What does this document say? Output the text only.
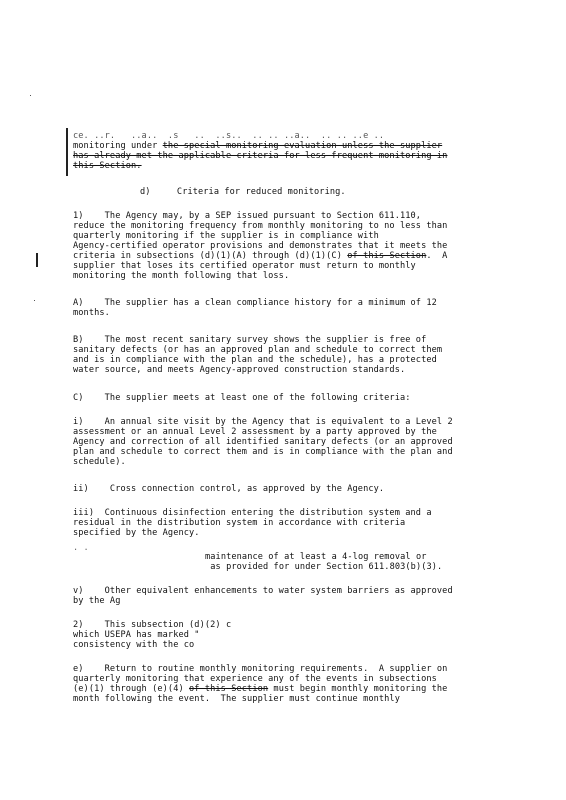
ce. ..r.   ..a..  .s   ..  ..s..  .. .. ..a..  .. .. ..e ..
monitoring under the special monitoring evaluation unless the supplier
has already met the applicable criteria for less frequent monitoring in
this Section.
d)     Criteria for reduced monitoring.
1)    The Agency may, by a SEP issued pursuant to Section 611.110,
reduce the monitoring frequency from monthly monitoring to no less than
quarterly monitoring if the supplier is in compliance with
Agency-certified operator provisions and demonstrates that it meets the
criteria in subsections (d)(1)(A) through (d)(1)(C) of this Section.  A
supplier that loses its certified operator must return to monthly
monitoring the month following that loss.
A)    The supplier has a clean compliance history for a minimum of 12
months.
B)    The most recent sanitary survey shows the supplier is free of
sanitary defects (or has an approved plan and schedule to correct them
and is in compliance with the plan and the schedule), has a protected
water source, and meets Agency-approved construction standards.
C)    The supplier meets at least one of the following criteria:
i)    An annual site visit by the Agency that is equivalent to a Level 2
assessment or an annual Level 2 assessment by a party approved by the
Agency and correction of all identified sanitary defects (or an approved
plan and schedule to correct them and is in compliance with the plan and
schedule).
ii)    Cross connection control, as approved by the Agency.
iii)  Continuous disinfection entering the distribution system and a
residual in the distribution system in accordance with criteria
specified by the Agency.
. .
maintenance of at least a 4-log removal or
as provided for under Section 611.803(b)(3).
v)    Other equivalent enhancements to water system barriers as approved
by the Ag
2)    This subsection (d)(2) c
which USEPA has marked "
consistency with the co
e)    Return to routine monthly monitoring requirements.  A supplier on
quarterly monitoring that experience any of the events in subsections
(e)(1) through (e)(4) of this Section must begin monthly monitoring the
month following the event.  The supplier must continue monthly
